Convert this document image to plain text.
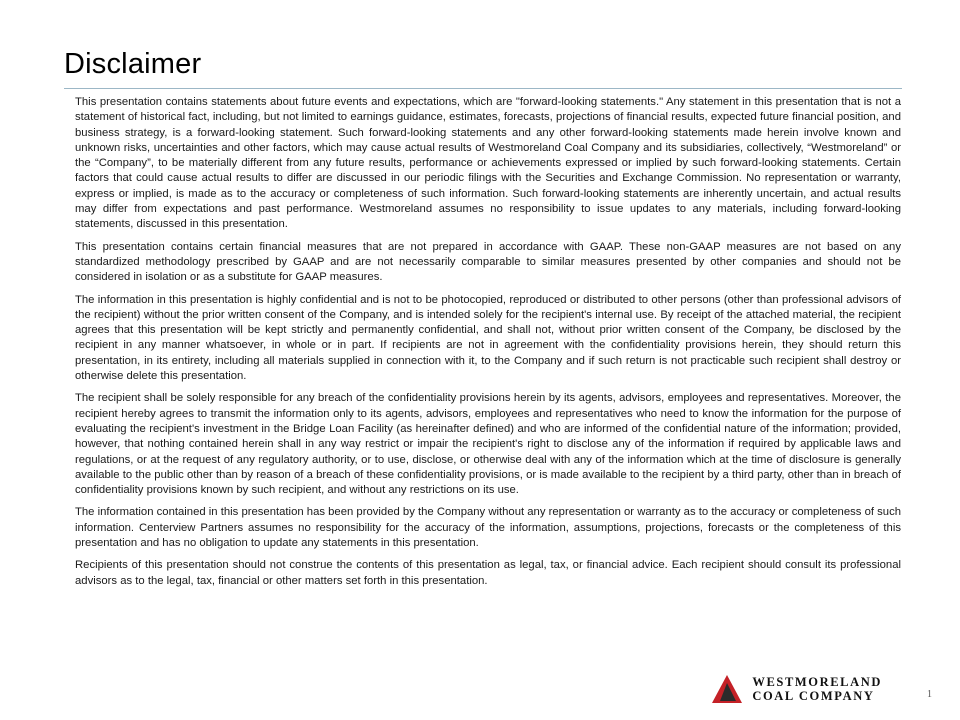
Disclaimer

This presentation contains statements about future events and expectations, which are "forward-looking statements." Any statement in this presentation that is not a statement of historical fact, including, but not limited to earnings guidance, estimates, forecasts, projections of financial results, expected future financial position, and business strategy, is a forward-looking statement. Such forward-looking statements and any other forward-looking statements made herein involve known and unknown risks, uncertainties and other factors, which may cause actual results of Westmoreland Coal Company and its subsidiaries, collectively, “Westmoreland” or the “Company”, to be materially different from any future results, performance or achievements expressed or implied by such forward-looking statements. Certain factors that could cause actual results to differ are discussed in our periodic filings with the Securities and Exchange Commission. No representation or warranty, express or implied, is made as to the accuracy or completeness of such information. Such forward-looking statements are inherently uncertain, and actual results may differ from expectations and past performance. Westmoreland assumes no responsibility to issue updates to any materials, including forward-looking statements, discussed in this presentation.

This presentation contains certain financial measures that are not prepared in accordance with GAAP. These non-GAAP measures are not based on any standardized methodology prescribed by GAAP and are not necessarily comparable to similar measures presented by other companies and should not be considered in isolation or as a substitute for GAAP measures.

The information in this presentation is highly confidential and is not to be photocopied, reproduced or distributed to other persons (other than professional advisors of the recipient) without the prior written consent of the Company, and is intended solely for the recipient's internal use. By receipt of the attached material, the recipient agrees that this presentation will be kept strictly and permanently confidential, and shall not, without prior written consent of the Company, be disclosed by the recipient in any manner whatsoever, in whole or in part. If recipients are not in agreement with the confidentiality provisions herein, they should return this presentation, in its entirety, including all materials supplied in connection with it, to the Company and if such return is not practicable such recipient shall destroy or otherwise delete this presentation.

The recipient shall be solely responsible for any breach of the confidentiality provisions herein by its agents, advisors, employees and representatives. Moreover, the recipient hereby agrees to transmit the information only to its agents, advisors, employees and representatives who need to know the information for the purpose of evaluating the recipient's investment in the Bridge Loan Facility (as hereinafter defined) and who are informed of the confidential nature of the information; provided, however, that nothing contained herein shall in any way restrict or impair the recipient's right to disclose any of the information if required by applicable laws and regulations, or at the request of any regulatory authority, or to use, disclose, or otherwise deal with any of the information which at the time of disclosure is generally available to the public other than by reason of a breach of these confidentiality provisions, or is made available to the recipient by a third party, other than in breach of confidentiality provisions known by such recipient, and without any restrictions on its use.

The information contained in this presentation has been provided by the Company without any representation or warranty as to the accuracy or completeness of such information. Centerview Partners assumes no responsibility for the accuracy of the information, assumptions, projections, forecasts or the completeness of this presentation and has no obligation to update any statements in this presentation.

Recipients of this presentation should not construe the contents of this presentation as legal, tax, or financial advice. Each recipient should consult its professional advisors as to the legal, tax, financial or other matters set forth in this presentation.

WESTMORELAND
COAL COMPANY	1
